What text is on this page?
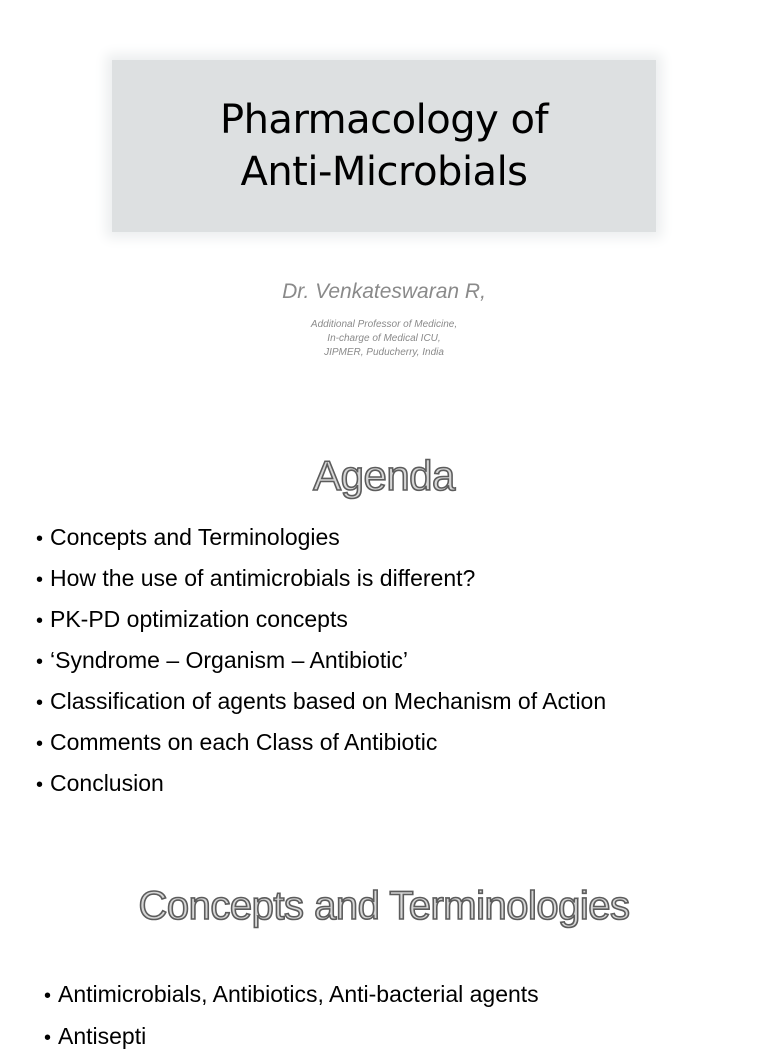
Pharmacology of
Anti-Microbials
Dr. Venkateswaran R,
Additional Professor of Medicine,
In-charge of Medical ICU,
JIPMER, Puducherry, India
Agenda
• Concepts and Terminologies
• How the use of antimicrobials is different?
• PK-PD optimization concepts
• ‘Syndrome – Organism – Antibiotic’
• Classification of agents based on Mechanism of Action
• Comments on each Class of Antibiotic
• Conclusion
Concepts and Terminologies
• Antimicrobials, Antibiotics, Anti-bacterial agents
• Antisepti
